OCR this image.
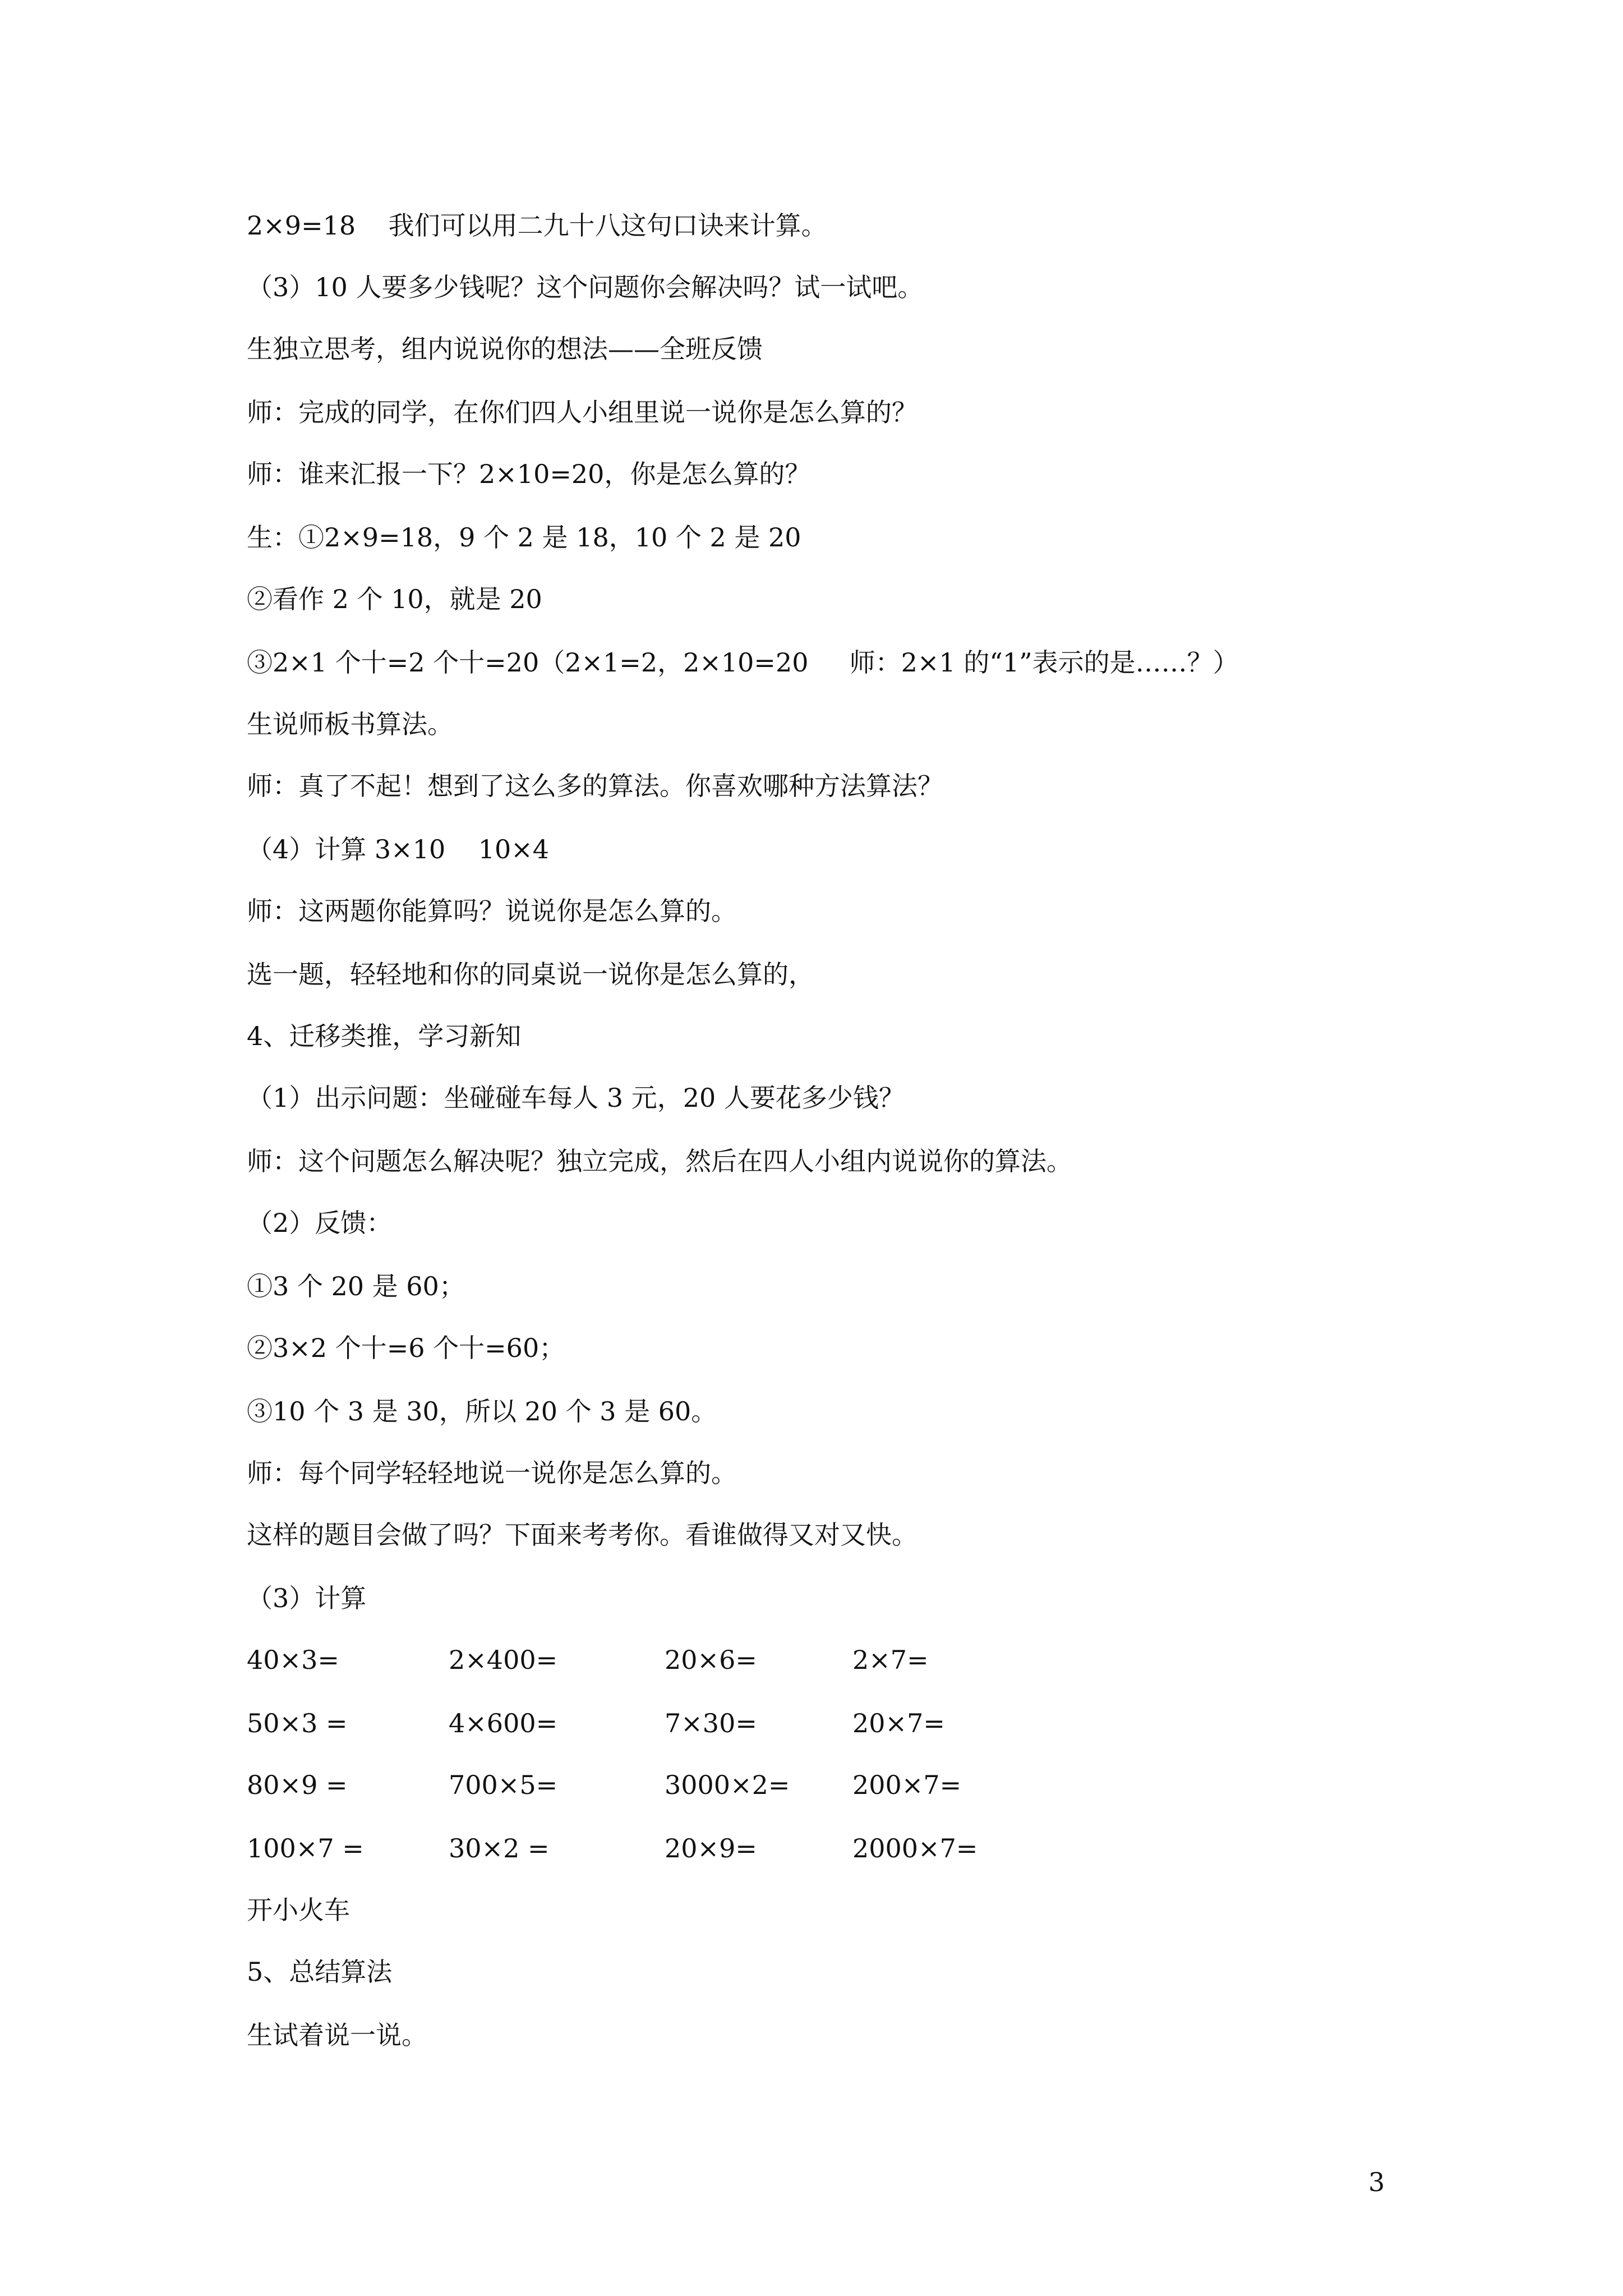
2×9=18    我们可以用二九十八这句口诀来计算。
（3）10 人要多少钱呢？这个问题你会解决吗？试一试吧。
生独立思考，组内说说你的想法——全班反馈
师：完成的同学，在你们四人小组里说一说你是怎么算的？
师：谁来汇报一下？2×10=20，你是怎么算的？
生：①2×9=18，9 个 2 是 18，10 个 2 是 20
②看作 2 个 10，就是 20
③2×1 个十=2 个十=20（2×1=2，2×10=20     师：2×1 的“1”表示的是……？）
生说师板书算法。
师：真了不起！想到了这么多的算法。你喜欢哪种方法算法？
（4）计算 3×10    10×4
师：这两题你能算吗？说说你是怎么算的。
选一题，轻轻地和你的同桌说一说你是怎么算的，
4、迁移类推，学习新知
（1）出示问题：坐碰碰车每人 3 元，20 人要花多少钱？
师：这个问题怎么解决呢？独立完成，然后在四人小组内说说你的算法。
（2）反馈：
①3 个 20 是 60；
②3×2 个十=6 个十=60；
③10 个 3 是 30，所以 20 个 3 是 60。
师：每个同学轻轻地说一说你是怎么算的。
这样的题目会做了吗？下面来考考你。看谁做得又对又快。
（3）计算
40×3=	2×400=	20×6=	2×7=
50×3 =	4×600=	7×30=	20×7=
80×9 =	700×5=	3000×2= 200×7=
100×7 =	30×2 =	20×9=	2000×7=
开小火车
5、总结算法
生试着说一说。
3
